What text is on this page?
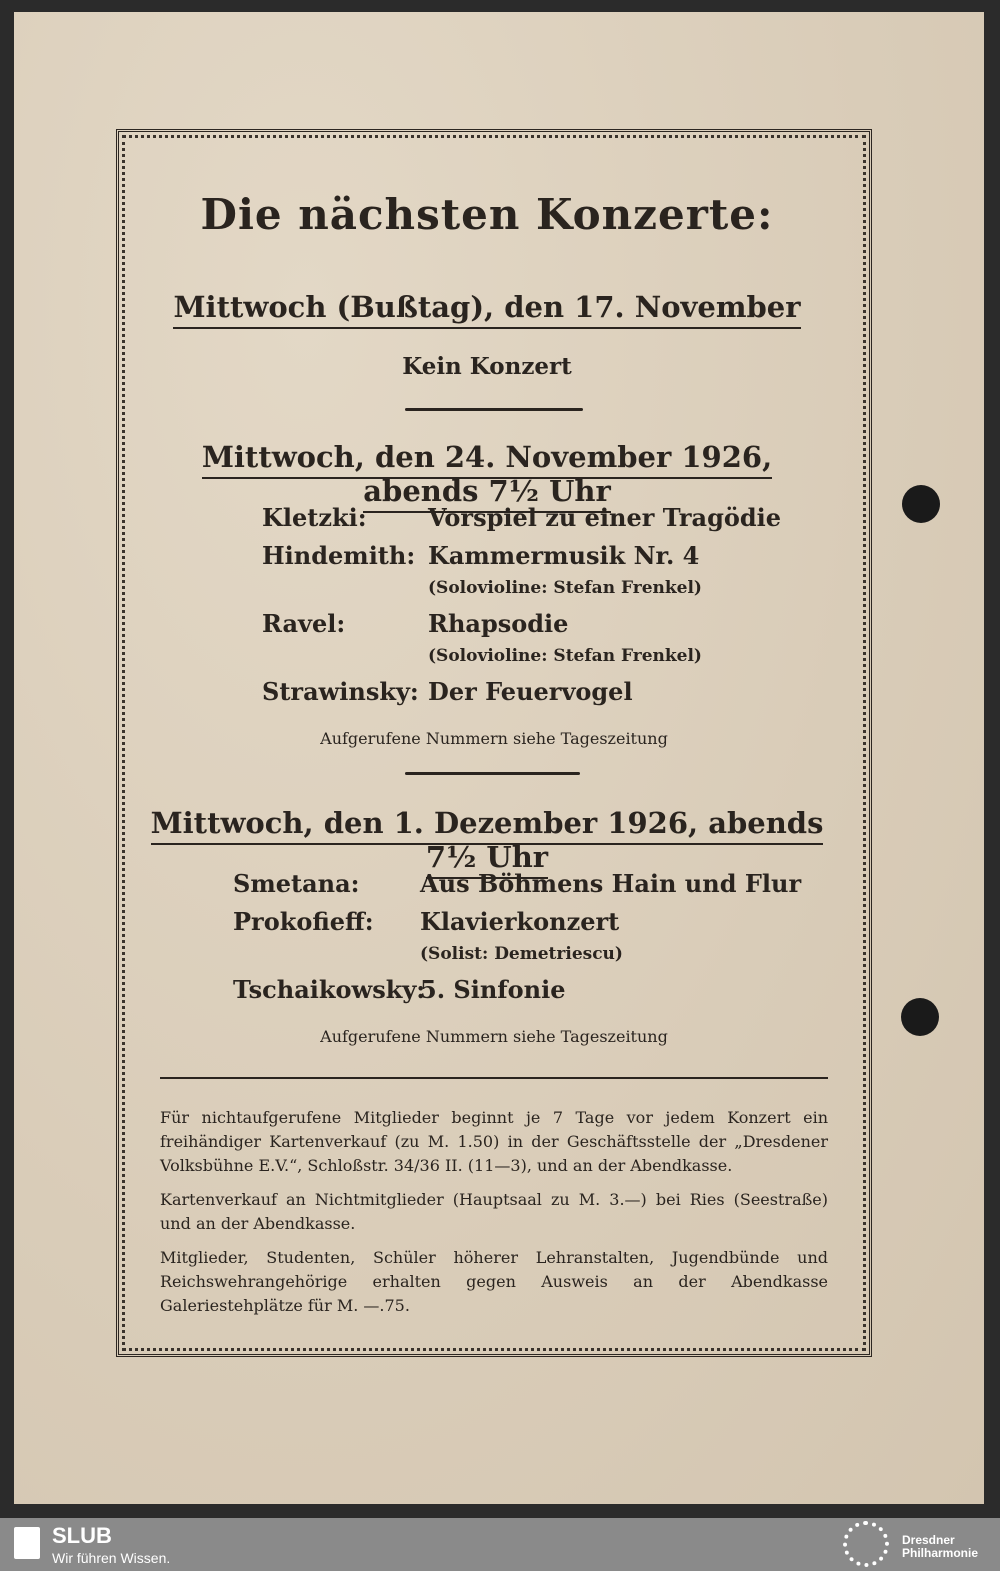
Die nächsten Konzerte:
Mittwoch (Bußtag), den 17. November
Kein Konzert
Mittwoch, den 24. November 1926, abends 7½ Uhr
Kletzki:	Vorspiel zu einer Tragödie
Hindemith: Kammermusik Nr. 4
(Solovioline: Stefan Frenkel)
Ravel:	Rhapsodie
(Solovioline: Stefan Frenkel)
Strawinsky: Der Feuervogel
Aufgerufene Nummern siehe Tageszeitung
Mittwoch, den 1. Dezember 1926, abends 7½ Uhr
Smetana:	Aus Böhmens Hain und Flur
Prokofieff: Klavierkonzert
(Solist: Demetriescu)
Tschaikowsky:
5. Sinfonie
Aufgerufene Nummern siehe Tageszeitung
Für nichtaufgerufene Mitglieder beginnt je 7 Tage vor jedem Konzert ein freihändiger Kartenverkauf (zu M. 1.50) in der Geschäftsstelle der „Dresdener Volksbühne E.V.“, Schloßstr. 34/36 II. (11—3), und an der Abendkasse.
Kartenverkauf an Nichtmitglieder (Hauptsaal zu M. 3.—) bei Ries (Seestraße) und an der Abendkasse.
Mitglieder, Studenten, Schüler höherer Lehranstalten, Jugendbünde und Reichswehrangehörige erhalten gegen Ausweis an der Abendkasse Galeriestehplätze für M. —.75.
SLUB
Wir führen Wissen.
Dresdner
Philharmonie
